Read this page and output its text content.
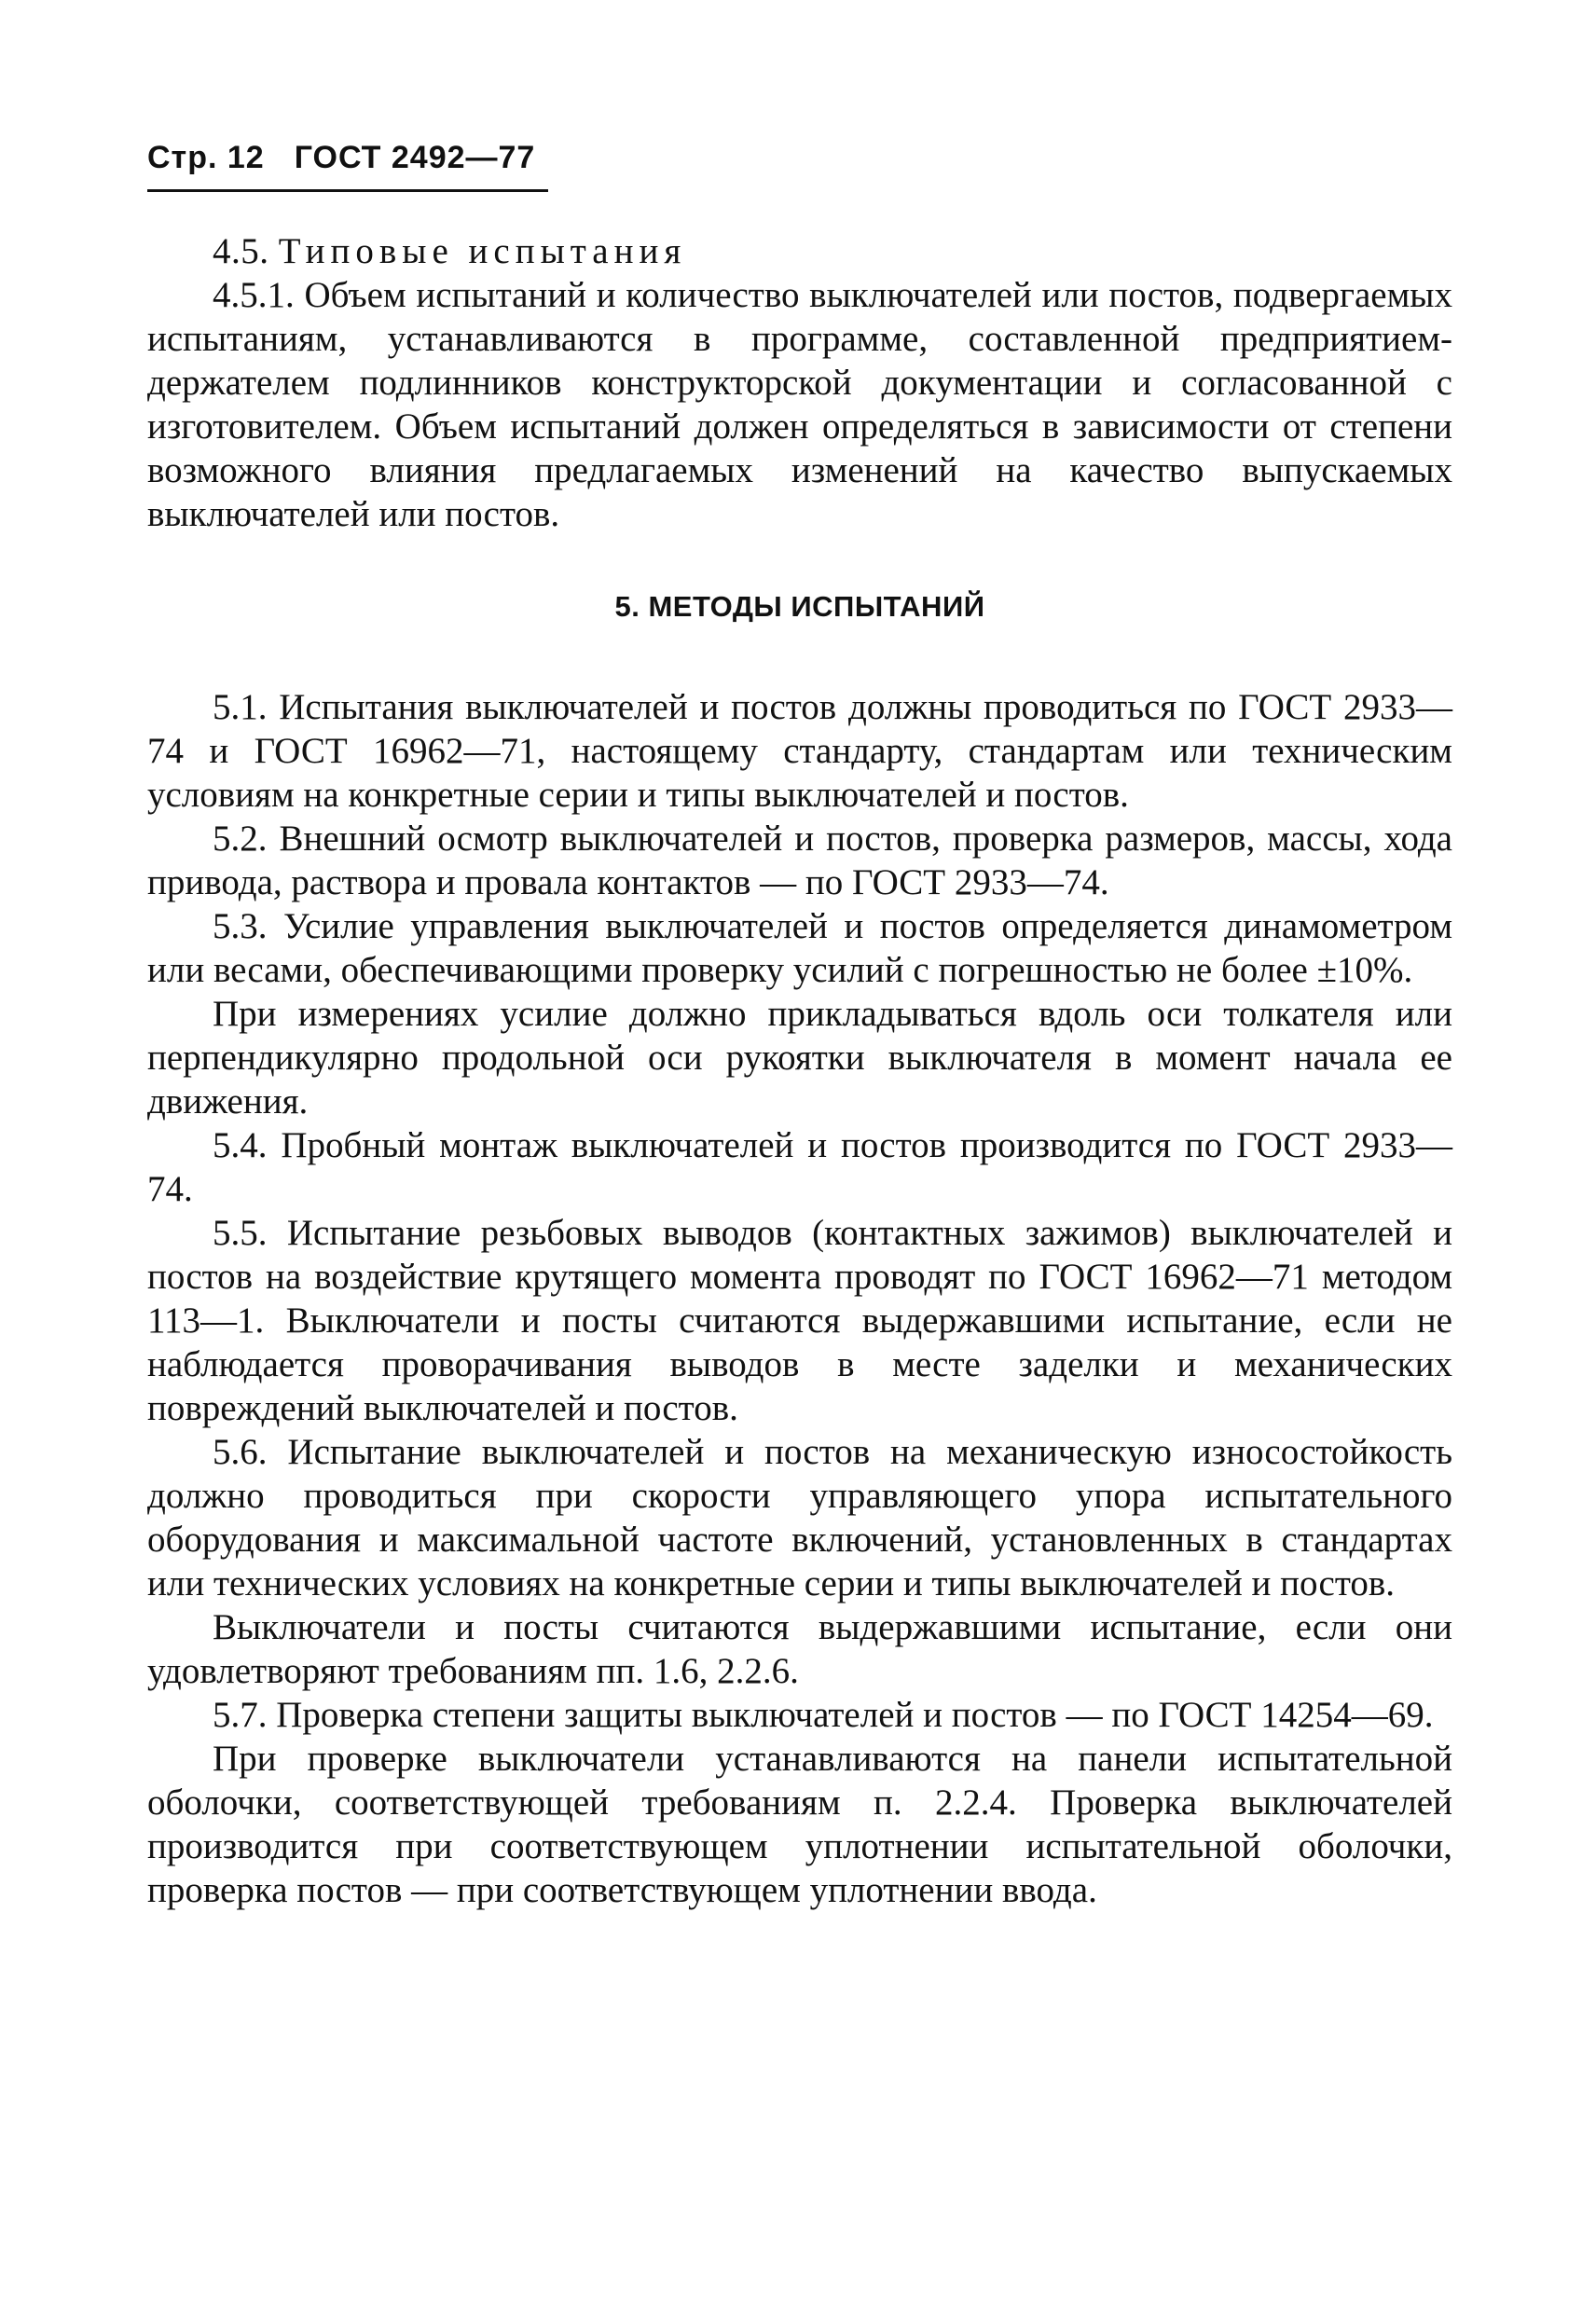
Стр. 12 ГОСТ 2492—77
4.5. Типовые испытания

4.5.1. Объем испытаний и количество выключателей или постов, подвергаемых испытаниям, устанавливаются в программе, составленной предприятием-держателем подлинников конструкторской документации и согласованной с изготовителем. Объем испытаний должен определяться в зависимости от степени возможного влияния предлагаемых изменений на качество выпускаемых выключателей или постов.

5. МЕТОДЫ ИСПЫТАНИЙ

5.1. Испытания выключателей и постов должны проводиться по ГОСТ 2933—74 и ГОСТ 16962—71, настоящему стандарту, стандартам или техническим условиям на конкретные серии и типы выключателей и постов.

5.2. Внешний осмотр выключателей и постов, проверка размеров, массы, хода привода, раствора и провала контактов — по ГОСТ 2933—74.

5.3. Усилие управления выключателей и постов определяется динамометром или весами, обеспечивающими проверку усилий с погрешностью не более ±10%.

При измерениях усилие должно прикладываться вдоль оси толкателя или перпендикулярно продольной оси рукоятки выключателя в момент начала ее движения.

5.4. Пробный монтаж выключателей и постов производится по ГОСТ 2933—74.

5.5. Испытание резьбовых выводов (контактных зажимов) выключателей и постов на воздействие крутящего момента проводят по ГОСТ 16962—71 методом 113—1. Выключатели и посты считаются выдержавшими испытание, если не наблюдается проворачивания выводов в месте заделки и механических повреждений выключателей и постов.

5.6. Испытание выключателей и постов на механическую износостойкость должно проводиться при скорости управляющего упора испытательного оборудования и максимальной частоте включений, установленных в стандартах или технических условиях на конкретные серии и типы выключателей и постов.

Выключатели и посты считаются выдержавшими испытание, если они удовлетворяют требованиям пп. 1.6, 2.2.6.

5.7. Проверка степени защиты выключателей и постов — по ГОСТ 14254—69.

При проверке выключатели устанавливаются на панели испытательной оболочки, соответствующей требованиям п. 2.2.4. Проверка выключателей производится при соответствующем уплотнении испытательной оболочки, проверка постов — при соответствующем уплотнении ввода.
